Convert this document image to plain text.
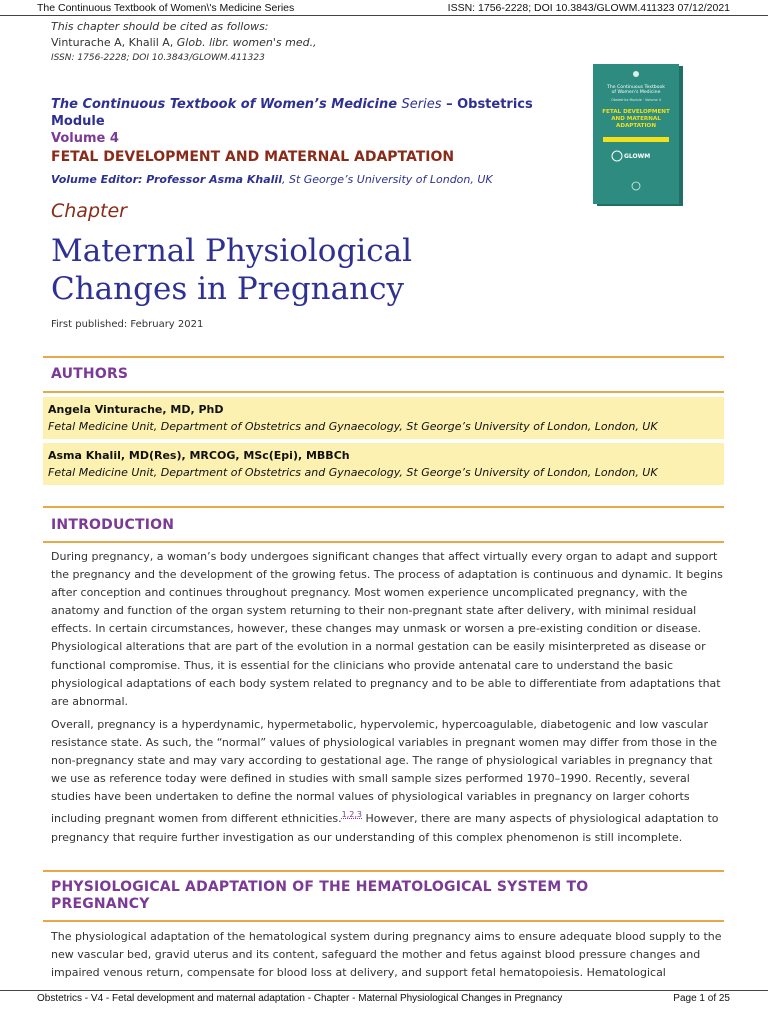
The Continuous Textbook of Women\'s Medicine Series	ISSN: 1756-2228; DOI 10.3843/GLOWM.411323 07/12/2021
This chapter should be cited as follows:
Vinturache A, Khalil A, Glob. libr. women's med.,
ISSN: 1756-2228; DOI 10.3843/GLOWM.411323
The Continuous Textbook of Women’s Medicine Series – Obstetrics Module
Volume 4
FETAL DEVELOPMENT AND MATERNAL ADAPTATION
Volume Editor: Professor Asma Khalil, St George’s University of London, UK
The Continuous Textbook
of Women's Medicine
Obstetrics Module · Volume 4
FETAL DEVELOPMENT
AND MATERNAL
ADAPTATION
GLOWM
Chapter
Maternal Physiological
Changes in Pregnancy
First published: February 2021
AUTHORS
Angela Vinturache, MD, PhD
Fetal Medicine Unit, Department of Obstetrics and Gynaecology, St George’s University of London, London, UK
Asma Khalil, MD(Res), MRCOG, MSc(Epi), MBBCh
Fetal Medicine Unit, Department of Obstetrics and Gynaecology, St George’s University of London, London, UK
INTRODUCTION

During pregnancy, a woman’s body undergoes significant changes that affect virtually every organ to adapt and support the pregnancy and the development of the growing fetus. The process of adaptation is continuous and dynamic. It begins after conception and continues throughout pregnancy. Most women experience uncomplicated pregnancy, with the anatomy and function of the organ system returning to their non-pregnant state after delivery, with minimal residual effects. In certain circumstances, however, these changes may unmask or worsen a pre-existing condition or disease. Physiological alterations that are part of the evolution in a normal gestation can be easily misinterpreted as disease or functional compromise. Thus, it is essential for the clinicians who provide antenatal care to understand the basic physiological adaptations of each body system related to pregnancy and to be able to differentiate from adaptations that are abnormal.

Overall, pregnancy is a hyperdynamic, hypermetabolic, hypervolemic, hypercoagulable, diabetogenic and low vascular resistance state. As such, the “normal” values of physiological variables in pregnant women may differ from those in the non-pregnancy state and may vary according to gestational age. The range of physiological variables in pregnancy that we use as reference today were defined in studies with small sample sizes performed 1970–1990. Recently, several studies have been undertaken to define the normal values of physiological variables in pregnancy on larger cohorts including pregnant women from different ethnicities.$^{1,2,3}$ However, there are many aspects of physiological adaptation to pregnancy that require further investigation as our understanding of this complex phenomenon is still incomplete.

PHYSIOLOGICAL ADAPTATION OF THE HEMATOLOGICAL SYSTEM TO PREGNANCY

The physiological adaptation of the hematological system during pregnancy aims to ensure adequate blood supply to the new vascular bed, gravid uterus and its content, safeguard the mother and fetus against blood pressure changes and impaired venous return, compensate for blood loss at delivery, and support fetal hematopoiesis. Hematological

Obstetrics - V4 - Fetal development and maternal adaptation - Chapter - Maternal Physiological Changes in Pregnancy	Page 1 of 25
